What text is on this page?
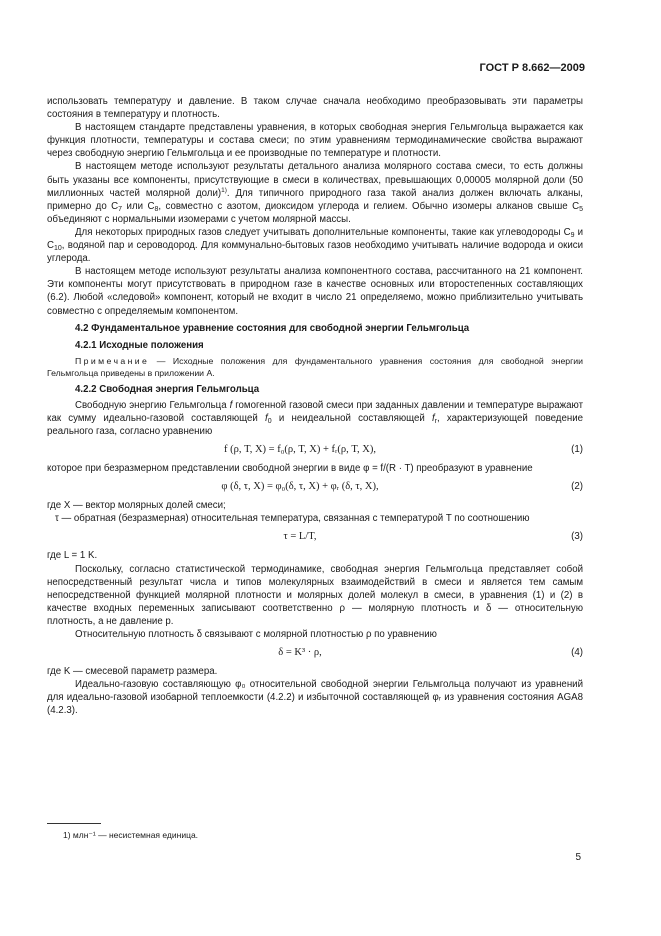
ГОСТ Р 8.662—2009

использовать температуру и давление. В таком случае сначала необходимо преобразовывать эти параметры состояния в температуру и плотность.

В настоящем стандарте представлены уравнения, в которых свободная энергия Гельмгольца выражается как функция плотности, температуры и состава смеси; по этим уравнениям термодинамические свойства выражают через свободную энергию Гельмгольца и ее производные по температуре и плотности.

В настоящем методе используют результаты детального анализа молярного состава смеси, то есть должны быть указаны все компоненты, присутствующие в смеси в количествах, превышающих 0,00005 молярной доли (50 миллионных частей молярной доли)$^{1)}$. Для типичного природного газа такой анализ должен включать алканы, примерно до $C_7$ или $C_8$, совместно с азотом, диоксидом углерода и гелием. Обычно изомеры алканов свыше $C_5$ объединяют с нормальными изомерами с учетом молярной массы.

Для некоторых природных газов следует учитывать дополнительные компоненты, такие как углеводороды $C_9$ и $C_{10}$, водяной пар и сероводород. Для коммунально-бытовых газов необходимо учитывать наличие водорода и окиси углерода.

В настоящем методе используют результаты анализа компонентного состава, рассчитанного на 21 компонент. Эти компоненты могут присутствовать в природном газе в качестве основных или второстепенных составляющих (6.2). Любой «следовой» компонент, который не входит в число 21 определяемо, можно приблизительно учитывать совместно с определяемым компонентом.

4.2 Фундаментальное уравнение состояния для свободной энергии Гельмгольца

4.2.1 Исходные положения

Примечание — Исходные положения для фундаментального уравнения состояния для свободной энергии Гельмгольца приведены в приложении А.

4.2.2 Свободная энергия Гельмгольца

Свободную энергию Гельмгольца f гомогенной газовой смеси при заданных давлении и температуре выражают как сумму идеально-газовой составляющей $f_0$ и неидеальной составляющей $f_r$, характеризующей поведение реального газа, согласно уравнению

f (ρ, T, X) = f₀(ρ, T, X) + fᵣ(ρ, T, X),	(1)

которое при безразмерном представлении свободной энергии в виде φ = f/(R · T) преобразуют в уравнение

φ (δ, τ, X) = φ₀(δ, τ, X) + φᵣ (δ, τ, X),	(2)

где X — вектор молярных долей смеси;

τ — обратная (безразмерная) относительная температура, связанная с температурой T по соотношению

τ = L/T,	(3)

где L = 1 K.

Поскольку, согласно статистической термодинамике, свободная энергия Гельмгольца представляет собой непосредственный результат числа и типов молекулярных взаимодействий в смеси и является тем самым непосредственной функцией молярной плотности и молярных долей молекул в смеси, в уравнения (1) и (2) в качестве входных переменных записывают соответственно ρ — молярную плотность и δ — относительную плотность, а не давление p.

Относительную плотность δ связывают с молярной плотностью ρ по уравнению

δ = K³ · ρ,	(4)

где K — смесевой параметр размера.

Идеально-газовую составляющую φ₀ относительной свободной энергии Гельмгольца получают из уравнений для идеально-газовой изобарной теплоемкости (4.2.2) и избыточной составляющей φᵣ из уравнения состояния AGA8 (4.2.3).

1) млн⁻¹ — несистемная единица.
5
